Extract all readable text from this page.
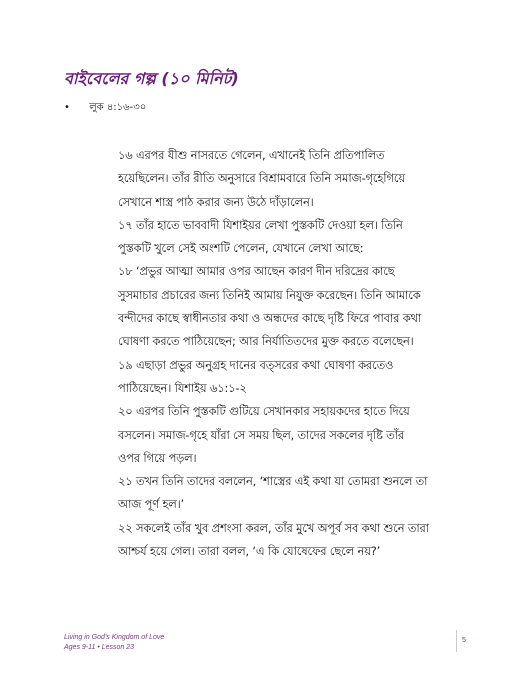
বাইবেলের গল্প (১০ মিনিট)
• লুক ৪:১৬-৩০
১৬ এরপর যীশু নাসরতে গেলেন, এখানেই তিনি প্রতিপালিত
হয়েছিলেন। তাঁর রীতি অনুসারে বিশ্রামবারে তিনি সমাজ-গৃহেগিয়ে
সেখানে শাস্ত্র পাঠ করার জন্য উঠে দাঁড়ালেন।
১৭ তাঁর হাতে ভাববাদী যিশাইয়র লেখা পুস্তকটি দেওয়া হল। তিনি
পুস্তকটি খুলে সেই অংশটি পেলেন, যেখানে লেখা আছে:
১৮ ‘প্রভুর আত্মা আমার ওপর আছেন কারণ দীন দরিদ্রের কাছে
সুসমাচার প্রচারের জন্য তিনিই আমায় নিযুক্ত করেছেন। তিনি আমাকে
বন্দীদের কাছে স্বাধীনতার কথা ও অন্ধদের কাছে দৃষ্টি ফিরে পাবার কথা
ঘোষণা করতে পাঠিয়েছেন; আর নির্যাতিতদের মুক্ত করতে বলেছেন।
১৯ এছাড়া প্রভুর অনুগ্রহ দানের বত্সরের কথা ঘোষণা করতেও
পাঠিয়েছেন। যিশাইয় ৬১:১-২
২০ এরপর তিনি পুস্তকটি গুটিয়ে সেখানকার সহায়কদের হাতে দিয়ে
বসলেন। সমাজ-গৃহে যাঁরা সে সময় ছিল, তাদের সকলের দৃষ্টি তাঁর
ওপর গিয়ে পড়ল।
২১ তখন তিনি তাদের বললেন, ‘শাস্ত্রের এই কথা যা তোমরা শুনলে তা
আজ পূর্ণ হল।’
২২ সকলেই তাঁর খুব প্রশংসা করল, তাঁর মুখে অপূর্ব সব কথা শুনে তারা
আশ্চর্য হয়ে গেল। তারা বলল, ‘এ কি যোষেফের ছেলে নয়?’
Living in God’s Kingdom of Love
Ages 9-11 • Lesson 23
5
